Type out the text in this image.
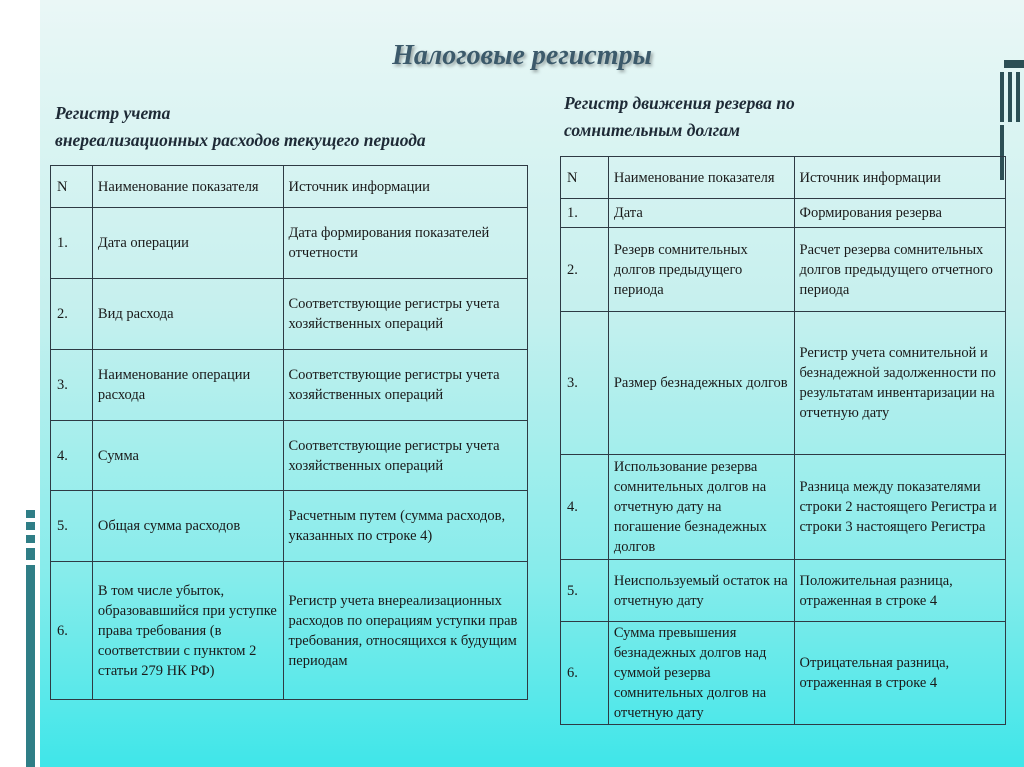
Налоговые регистры
Регистр учета
внереализационных расходов текущего периода
Регистр движения резерва по
сомнительным долгам
N	Наименование показателя	Источник информации
1.	Дата операции	Дата формирования показателей отчетности
2.	Вид расхода	Соответствующие регистры учета хозяйственных операций
3.	Наименование операции расхода	Соответствующие регистры учета хозяйственных операций
4.	Сумма	Соответствующие регистры учета хозяйственных операций
5.	Общая сумма расходов	Расчетным путем (сумма расходов, указанных по строке 4)
6.	В том числе убыток, образовавшийся при уступке права требования (в соответствии с пунктом 2 статьи 279 НК РФ)	Регистр учета внереализационных расходов по операциям уступки прав требования, относящихся к будущим периодам
N	Наименование показателя	Источник информации
1.	Дата	Формирования резерва
2.	Резерв сомнительных долгов предыдущего периода	Расчет резерва сомнительных долгов предыдущего отчетного периода
3.	Размер безнадежных долгов	Регистр учета сомнительной и безнадежной задолженности по результатам инвентаризации на отчетную дату
4.	Использование резерва сомнительных долгов на отчетную дату на погашение безнадежных долгов	Разница между показателями строки 2 настоящего Регистра и строки 3 настоящего Регистра
5.	Неиспользуемый остаток на отчетную дату	Положительная разница, отраженная в строке 4
6.	Сумма превышения безнадежных долгов над суммой резерва сомнительных долгов на отчетную дату	Отрицательная разница, отраженная в строке 4
